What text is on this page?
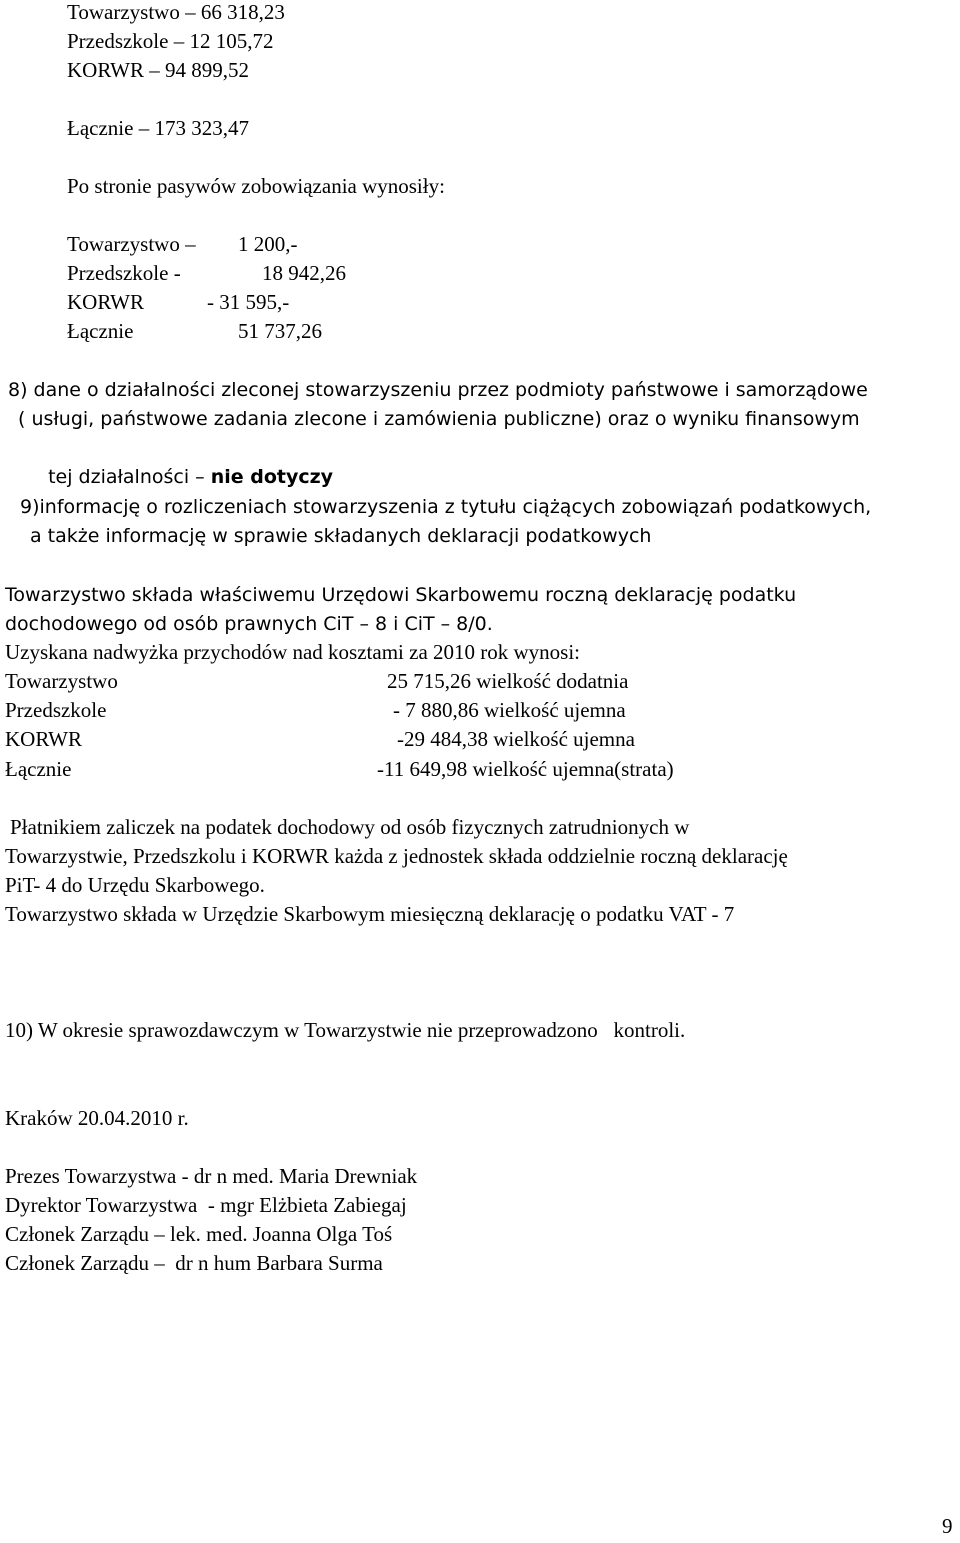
Towarzystwo – 66 318,23
Przedszkole – 12 105,72
KORWR – 94 899,52
Łącznie – 173 323,47
Po stronie pasywów zobowiązania wynosiły:
Towarzystwo – 1 200,-
Przedszkole -	18 942,26
KORWR	- 31 595,-
Łącznie	51 737,26
8) dane o działalności zleconej stowarzyszeniu przez podmioty państwowe i samorządowe
( usługi, państwowe zadania zlecone i zamówienia publiczne) oraz o wyniku finansowym

tej działalności – nie dotyczy

9)informację o rozliczeniach stowarzyszenia z tytułu ciążących zobowiązań podatkowych,
a także informację w sprawie składanych deklaracji podatkowych
Towarzystwo składa właściwemu Urzędowi Skarbowemu roczną deklarację podatku
dochodowego od osób prawnych CiT – 8 i CiT – 8/0.
Uzyskana nadwyżka przychodów nad kosztami za 2010 rok wynosi:
Towarzystwo	25 715,26 wielkość dodatnia
Przedszkole	- 7 880,86 wielkość ujemna
KORWR	-29 484,38 wielkość ujemna
Łącznie	-11 649,98 wielkość ujemna(strata)
Płatnikiem zaliczek na podatek dochodowy od osób fizycznych zatrudnionych w
Towarzystwie, Przedszkolu i KORWR każda z jednostek składa oddzielnie roczną deklarację
PiT- 4 do Urzędu Skarbowego.
Towarzystwo składa w Urzędzie Skarbowym miesięczną deklarację o podatku VAT - 7
10) W okresie sprawozdawczym w Towarzystwie nie przeprowadzono   kontroli.
Kraków 20.04.2010 r.
Prezes Towarzystwa - dr n med. Maria Drewniak
Dyrektor Towarzystwa  - mgr Elżbieta Zabiegaj
Członek Zarządu – lek. med. Joanna Olga Toś
Członek Zarządu –  dr n hum Barbara Surma
9
